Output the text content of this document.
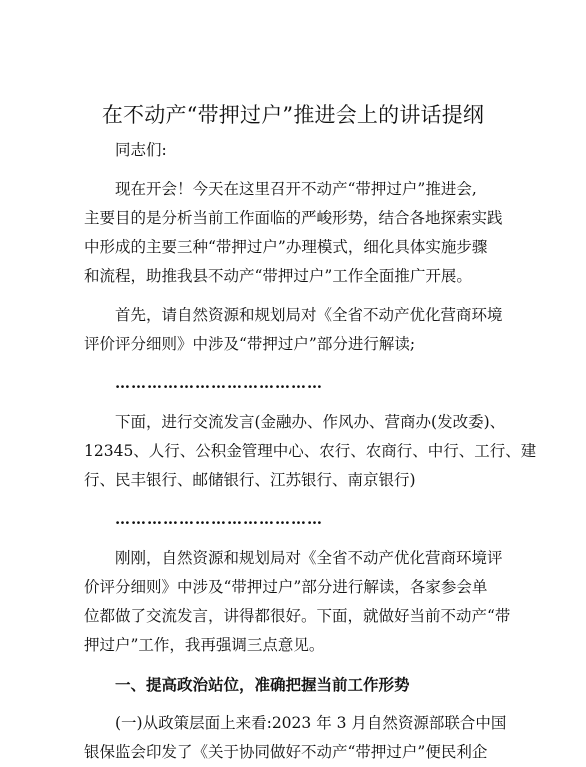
在不动产“带押过户”推进会上的讲话提纲
同志们:
现在开会！今天在这里召开不动产“带押过户”推进会,
主要目的是分析当前工作面临的严峻形势，结合各地探索实践
中形成的主要三种“带押过户”办理模式，细化具体实施步骤
和流程，助推我县不动产“带押过户”工作全面推广开展。
首先，请自然资源和规划局对《全省不动产优化营商环境
评价评分细则》中涉及“带押过户”部分进行解读;
…………………………………
下面，进行交流发言(金融办、作风办、营商办(发改委)、
12345、人行、公积金管理中心、农行、农商行、中行、工行、建
行、民丰银行、邮储银行、江苏银行、南京银行)
…………………………………
刚刚，自然资源和规划局对《全省不动产优化营商环境评
价评分细则》中涉及“带押过户”部分进行解读，各家参会单
位都做了交流发言，讲得都很好。下面，就做好当前不动产“带
押过户”工作，我再强调三点意见。
一、提高政治站位，准确把握当前工作形势
(一)从政策层面上来看:2023 年 3 月自然资源部联合中国
银保监会印发了《关于协同做好不动产“带押过户”便民利企
